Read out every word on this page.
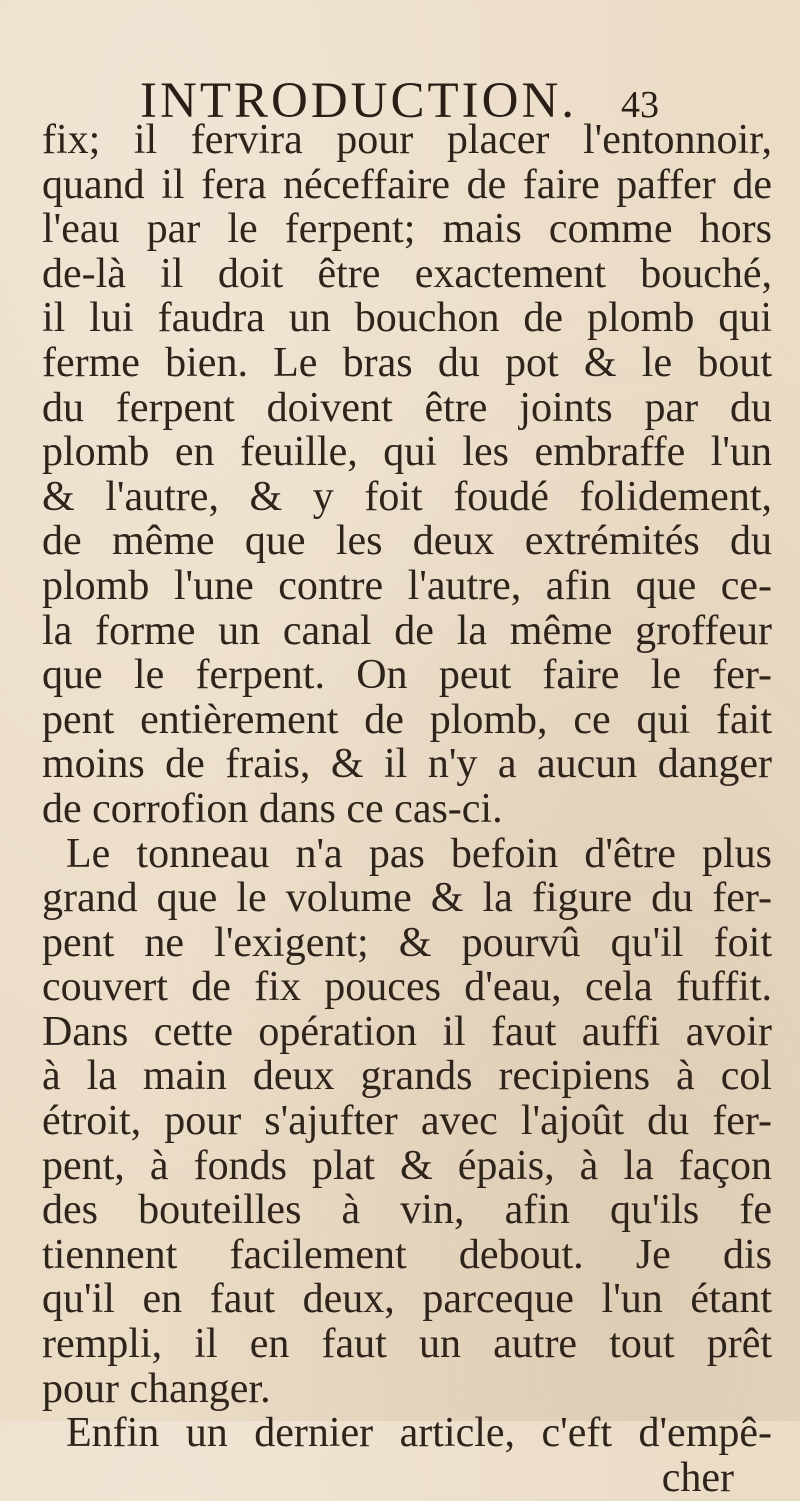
INTRODUCTION. 43
fix; il fervira pour placer l'entonnoir,
quand il fera néceffaire de faire paffer de
l'eau par le ferpent; mais comme hors
de-là il doit être exactement bouché,
il lui faudra un bouchon de plomb qui
ferme bien. Le bras du pot & le bout
du ferpent doivent être joints par du
plomb en feuille, qui les embraffe l'un
& l'autre, & y foit foudé folidement,
de même que les deux extrémités du
plomb l'une contre l'autre, afin que ce-
la forme un canal de la même groffeur
que le ferpent. On peut faire le fer-
pent entièrement de plomb, ce qui fait
moins de frais, & il n'y a aucun danger
de corrofion dans ce cas-ci.
Le tonneau n'a pas befoin d'être plus
grand que le volume & la figure du fer-
pent ne l'exigent; & pourvû qu'il foit
couvert de fix pouces d'eau, cela fuffit.
Dans cette opération il faut auffi avoir
à la main deux grands recipiens à col
étroit, pour s'ajufter avec l'ajoût du fer-
pent, à fonds plat & épais, à la façon
des bouteilles à vin, afin qu'ils fe
tiennent facilement debout. Je dis
qu'il en faut deux, parceque l'un étant
rempli, il en faut un autre tout prêt
pour changer.
Enfin un dernier article, c'eft d'empê-
cher
